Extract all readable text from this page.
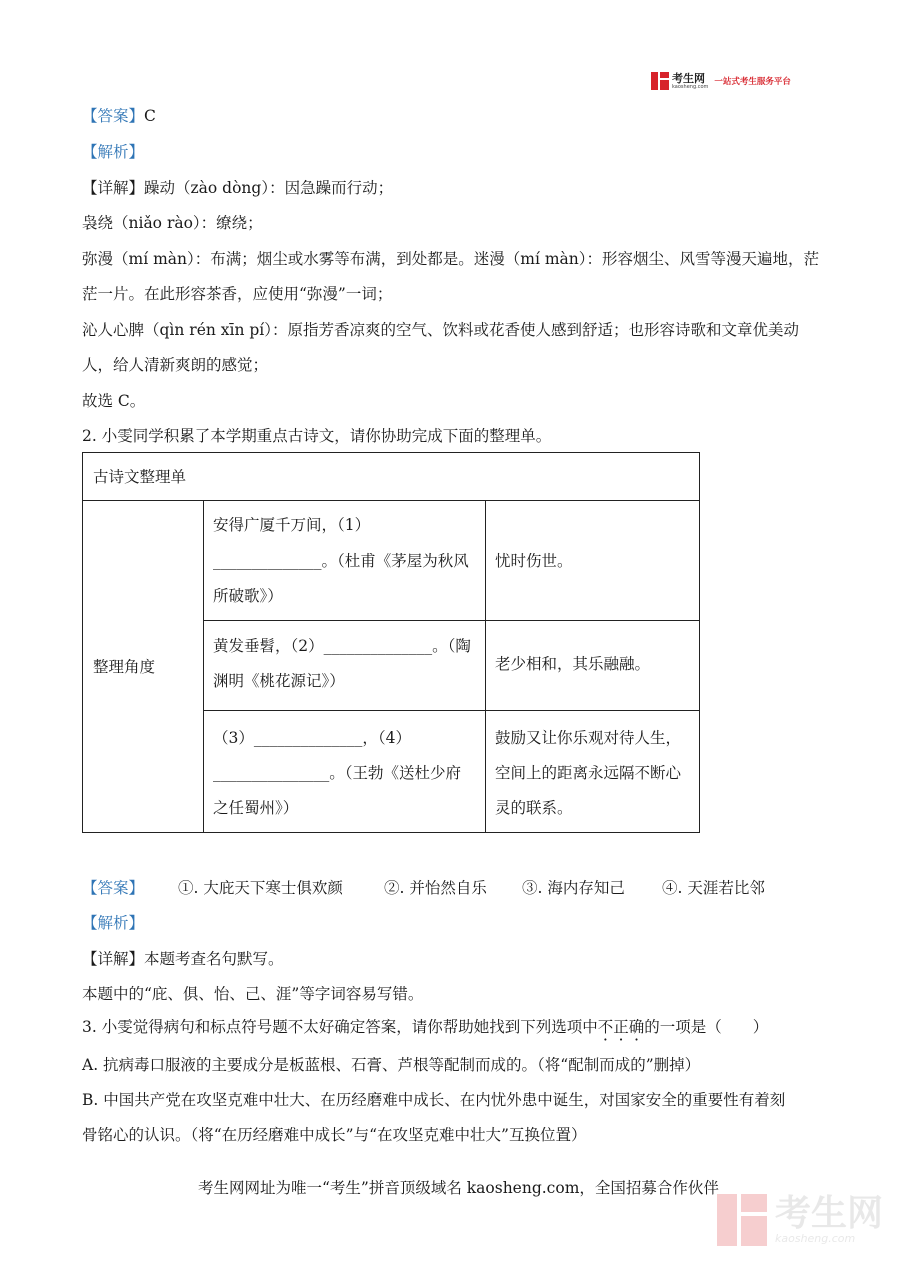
考生网
kaosheng.com 一站式考生服务平台
【答案】C
【解析】
【详解】躁动（zào dòng）：因急躁而行动；
袅绕（niǎo rào）：缭绕；
弥漫（mí màn）：布满；烟尘或水雾等布满，到处都是。迷漫（mí màn）：形容烟尘、风雪等漫天遍地，茫
茫一片。在此形容茶香，应使用“弥漫”一词；
沁人心脾（qìn rén xīn pí）：原指芳香凉爽的空气、饮料或花香使人感到舒适；也形容诗歌和文章优美动
人，给人清新爽朗的感觉；
故选 C。
2. 小雯同学积累了本学期重点古诗文，请你协助完成下面的整理单。
古诗文整理单
整理角度
安得广厦千万间，（1）
______________。（杜甫《茅屋为秋风
所破歌》）
忧时伤世。
黄发垂髫，（2）______________。（陶
渊明《桃花源记》）
老少相和，其乐融融。
（3）______________，（4）
_______________。（王勃《送杜少府
之任蜀州》）
鼓励又让你乐观对待人生，
空间上的距离永远隔不断心
灵的联系。
【答案】 ①. 大庇天下寒士俱欢颜	②. 并怡然自乐 ③. 海内存知己 ④. 天涯若比邻
【解析】
【详解】本题考查名句默写。
本题中的“庇、俱、怡、己、涯”等字词容易写错。
3. 小雯觉得病句和标点符号题不太好确定答案，请你帮助她找到下列选项中不正确的一项是（　　）
A. 抗病毒口服液的主要成分是板蓝根、石膏、芦根等配制而成的。（将“配制而成的”删掉）
B. 中国共产党在攻坚克难中壮大、在历经磨难中成长、在内忧外患中诞生，对国家安全的重要性有着刻
骨铭心的认识。（将“在历经磨难中成长”与“在攻坚克难中壮大”互换位置）
考生网网址为唯一“考生”拼音顶级域名 kaosheng.com，全国招募合作伙伴
考生网
kaosheng.com
